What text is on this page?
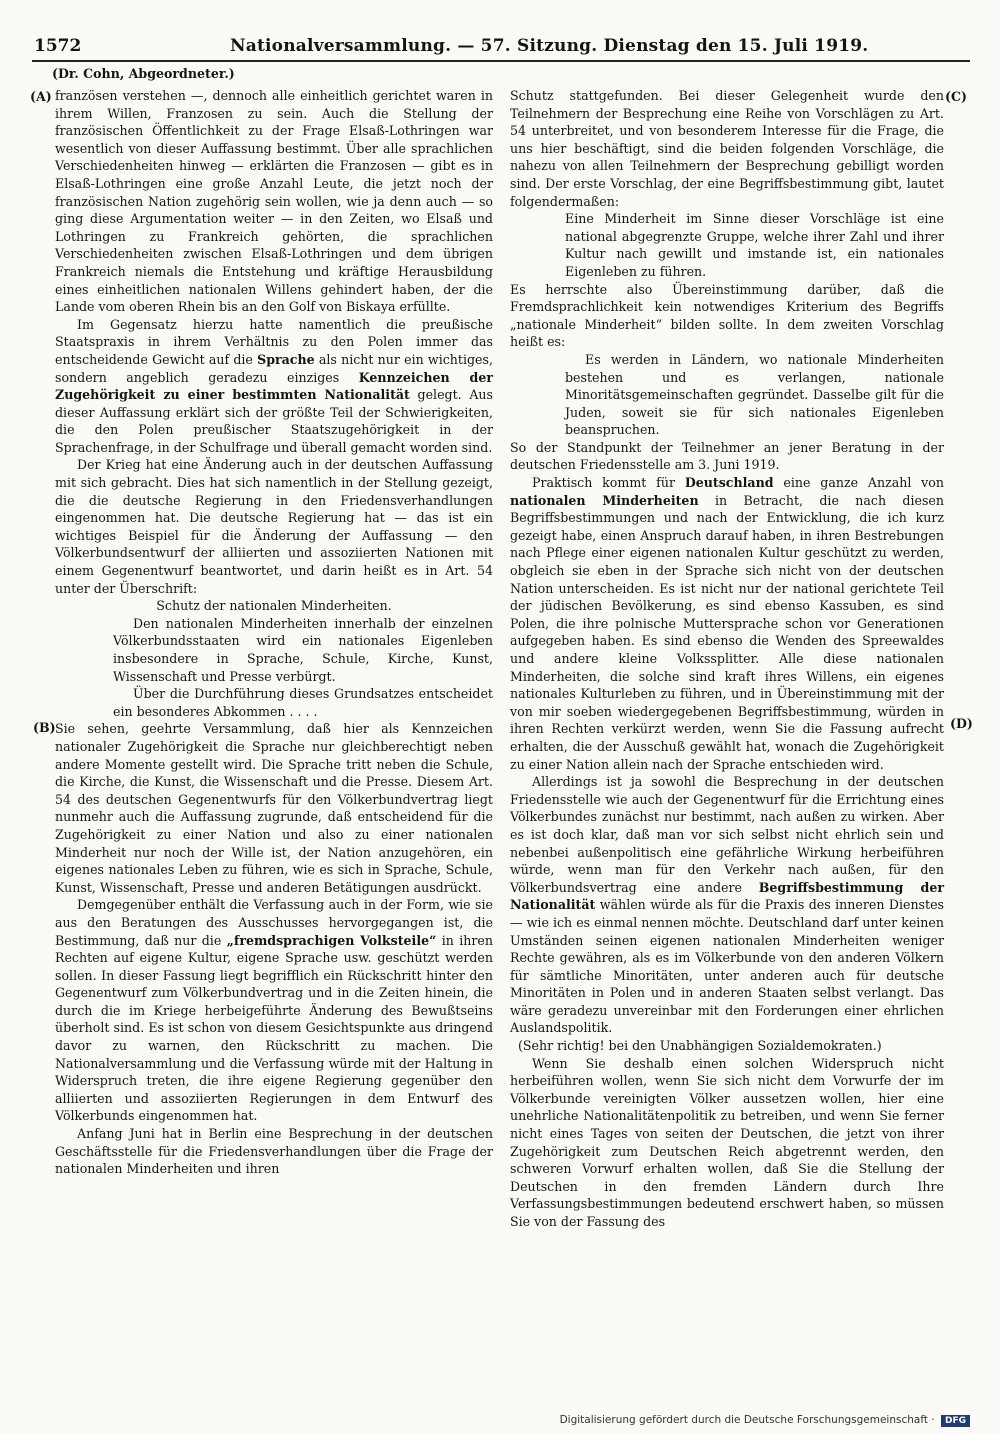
1572	Nationalversammlung. — 57. Sitzung. Dienstag den 15. Juli 1919.
(Dr. Cohn, Abgeordneter.)
(A)
(B)
(C)
(D)

französen verstehen —, dennoch alle einheitlich gerichtet waren in ihrem Willen, Franzosen zu sein. Auch die Stellung der französischen Öffentlichkeit zu der Frage Elsaß-Lothringen war wesentlich von dieser Auffassung bestimmt. Über alle sprachlichen Verschiedenheiten hinweg — erklärten die Franzosen — gibt es in Elsaß-Lothringen eine große Anzahl Leute, die jetzt noch der französischen Nation zugehörig sein wollen, wie ja denn auch — so ging diese Argumentation weiter — in den Zeiten, wo Elsaß und Lothringen zu Frankreich gehörten, die sprachlichen Verschiedenheiten zwischen Elsaß-Lothringen und dem übrigen Frankreich niemals die Entstehung und kräftige Herausbildung eines einheitlichen nationalen Willens gehindert haben, der die Lande vom oberen Rhein bis an den Golf von Biskaya erfüllte.

Im Gegensatz hierzu hatte namentlich die preußische Staatspraxis in ihrem Verhältnis zu den Polen immer das entscheidende Gewicht auf die Sprache als nicht nur ein wichtiges, sondern angeblich geradezu einziges Kennzeichen der Zugehörigkeit zu einer bestimmten Nationalität gelegt. Aus dieser Auffassung erklärt sich der größte Teil der Schwierigkeiten, die den Polen preußischer Staatszugehörigkeit in der Sprachenfrage, in der Schulfrage und überall gemacht worden sind.

Der Krieg hat eine Änderung auch in der deutschen Auffassung mit sich gebracht. Dies hat sich namentlich in der Stellung gezeigt, die die deutsche Regierung in den Friedensverhandlungen eingenommen hat. Die deutsche Regierung hat — das ist ein wichtiges Beispiel für die Änderung der Auffassung — den Völkerbundsentwurf der alliierten und assoziierten Nationen mit einem Gegenentwurf beantwortet, und darin heißt es in Art. 54 unter der Überschrift:

Schutz der nationalen Minderheiten.

Den nationalen Minderheiten innerhalb der einzelnen Völkerbundsstaaten wird ein nationales Eigenleben insbesondere in Sprache, Schule, Kirche, Kunst, Wissenschaft und Presse verbürgt.

Über die Durchführung dieses Grundsatzes entscheidet ein besonderes Abkommen . . . .

Sie sehen, geehrte Versammlung, daß hier als Kennzeichen nationaler Zugehörigkeit die Sprache nur gleichberechtigt neben andere Momente gestellt wird. Die Sprache tritt neben die Schule, die Kirche, die Kunst, die Wissenschaft und die Presse. Diesem Art. 54 des deutschen Gegenentwurfs für den Völkerbundvertrag liegt nunmehr auch die Auffassung zugrunde, daß entscheidend für die Zugehörigkeit zu einer Nation und also zu einer nationalen Minderheit nur noch der Wille ist, der Nation anzugehören, ein eigenes nationales Leben zu führen, wie es sich in Sprache, Schule, Kunst, Wissenschaft, Presse und anderen Betätigungen ausdrückt.

Demgegenüber enthält die Verfassung auch in der Form, wie sie aus den Beratungen des Ausschusses hervorgegangen ist, die Bestimmung, daß nur die „fremdsprachigen Volksteile“ in ihren Rechten auf eigene Kultur, eigene Sprache usw. geschützt werden sollen. In dieser Fassung liegt begrifflich ein Rückschritt hinter den Gegenentwurf zum Völkerbundvertrag und in die Zeiten hinein, die durch die im Kriege herbeigeführte Änderung des Bewußtseins überholt sind. Es ist schon von diesem Gesichtspunkte aus dringend davor zu warnen, den Rückschritt zu machen. Die Nationalversammlung und die Verfassung würde mit der Haltung in Widerspruch treten, die ihre eigene Regierung gegenüber den alliierten und assoziierten Regierungen in dem Entwurf des Völkerbunds eingenommen hat.

Anfang Juni hat in Berlin eine Besprechung in der deutschen Geschäftsstelle für die Friedensverhandlungen über die Frage der nationalen Minderheiten und ihren

Schutz stattgefunden. Bei dieser Gelegenheit wurde den Teilnehmern der Besprechung eine Reihe von Vorschlägen zu Art. 54 unterbreitet, und von besonderem Interesse für die Frage, die uns hier beschäftigt, sind die beiden folgenden Vorschläge, die nahezu von allen Teilnehmern der Besprechung gebilligt worden sind. Der erste Vorschlag, der eine Begriffsbestimmung gibt, lautet folgendermaßen:

Eine Minderheit im Sinne dieser Vorschläge ist eine national abgegrenzte Gruppe, welche ihrer Zahl und ihrer Kultur nach gewillt und imstande ist, ein nationales Eigenleben zu führen.

Es herrschte also Übereinstimmung darüber, daß die Fremdsprachlichkeit kein notwendiges Kriterium des Begriffs „nationale Minderheit“ bilden sollte. In dem zweiten Vorschlag heißt es:

Es werden in Ländern, wo nationale Minderheiten bestehen und es verlangen, nationale Minoritätsgemeinschaften gegründet. Dasselbe gilt für die Juden, soweit sie für sich nationales Eigenleben beanspruchen.

So der Standpunkt der Teilnehmer an jener Beratung in der deutschen Friedensstelle am 3. Juni 1919.

Praktisch kommt für Deutschland eine ganze Anzahl von nationalen Minderheiten in Betracht, die nach diesen Begriffsbestimmungen und nach der Entwicklung, die ich kurz gezeigt habe, einen Anspruch darauf haben, in ihren Bestrebungen nach Pflege einer eigenen nationalen Kultur geschützt zu werden, obgleich sie eben in der Sprache sich nicht von der deutschen Nation unterscheiden. Es ist nicht nur der national gerichtete Teil der jüdischen Bevölkerung, es sind ebenso Kassuben, es sind Polen, die ihre polnische Muttersprache schon vor Generationen aufgegeben haben. Es sind ebenso die Wenden des Spreewaldes und andere kleine Volkssplitter. Alle diese nationalen Minderheiten, die solche sind kraft ihres Willens, ein eigenes nationales Kulturleben zu führen, und in Übereinstimmung mit der von mir soeben wiedergegebenen Begriffsbestimmung, würden in ihren Rechten verkürzt werden, wenn Sie die Fassung aufrecht erhalten, die der Ausschuß gewählt hat, wonach die Zugehörigkeit zu einer Nation allein nach der Sprache entschieden wird.

Allerdings ist ja sowohl die Besprechung in der deutschen Friedensstelle wie auch der Gegenentwurf für die Errichtung eines Völkerbundes zunächst nur bestimmt, nach außen zu wirken. Aber es ist doch klar, daß man vor sich selbst nicht ehrlich sein und nebenbei außenpolitisch eine gefährliche Wirkung herbeiführen würde, wenn man für den Verkehr nach außen, für den Völkerbundsvertrag eine andere Begriffsbestimmung der Nationalität wählen würde als für die Praxis des inneren Dienstes — wie ich es einmal nennen möchte. Deutschland darf unter keinen Umständen seinen eigenen nationalen Minderheiten weniger Rechte gewähren, als es im Völkerbunde von den anderen Völkern für sämtliche Minoritäten, unter anderen auch für deutsche Minoritäten in Polen und in anderen Staaten selbst verlangt. Das wäre geradezu unvereinbar mit den Forderungen einer ehrlichen Auslandspolitik.

(Sehr richtig! bei den Unabhängigen Sozialdemokraten.)

Wenn Sie deshalb einen solchen Widerspruch nicht herbeiführen wollen, wenn Sie sich nicht dem Vorwurfe der im Völkerbunde vereinigten Völker aussetzen wollen, hier eine unehrliche Nationalitätenpolitik zu betreiben, und wenn Sie ferner nicht eines Tages von seiten der Deutschen, die jetzt von ihrer Zugehörigkeit zum Deutschen Reich abgetrennt werden, den schweren Vorwurf erhalten wollen, daß Sie die Stellung der Deutschen in den fremden Ländern durch Ihre Verfassungsbestimmungen bedeutend erschwert haben, so müssen Sie von der Fassung des

Digitalisierung gefördert durch die Deutsche Forschungsgemeinschaft · DFG
